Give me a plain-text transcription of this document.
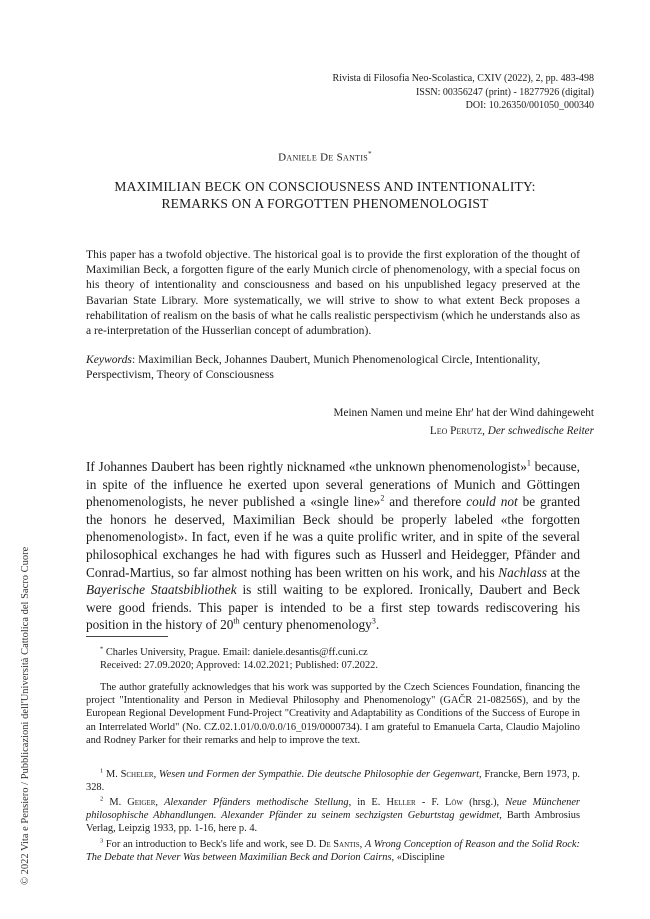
© 2022 Vita e Pensiero / Pubblicazioni dell'Università Cattolica del Sacro Cuore
Rivista di Filosofia Neo-Scolastica, CXIV (2022), 2, pp. 483-498
ISSN: 00356247 (print) - 18277926 (digital)
DOI: 10.26350/001050_000340
Daniele De Santis*
MAXIMILIAN BECK ON CONSCIOUSNESS AND INTENTIONALITY:
REMARKS ON A FORGOTTEN PHENOMENOLOGIST

This paper has a twofold objective. The historical goal is to provide the first exploration of the thought of Maximilian Beck, a forgotten figure of the early Munich circle of phenomenology, with a special focus on his theory of intentionality and consciousness and based on his unpublished legacy preserved at the Bavarian State Library. More systematically, we will strive to show to what extent Beck proposes a rehabilitation of realism on the basis of what he calls realistic perspectivism (which he understands also as a re-interpretation of the Husserlian concept of adumbration).

Keywords: Maximilian Beck, Johannes Daubert, Munich Phenomenological Circle, Intentionality, Perspectivism, Theory of Consciousness

Meinen Namen und meine Ehr' hat der Wind dahingeweht
Leo Perutz, Der schwedische Reiter

If Johannes Daubert has been rightly nicknamed «the unknown phenomenologist»$^1$ because, in spite of the influence he exerted upon several generations of Munich and Göttingen phenomenologists, he never published a «single line»$^2$ and therefore could not be granted the honors he deserved, Maximilian Beck should be properly labeled «the forgotten phenomenologist». In fact, even if he was a quite prolific writer, and in spite of the several philosophical exchanges he had with figures such as Husserl and Heidegger, Pfänder and Conrad-Martius, so far almost nothing has been written on his work, and his Nachlass at the Bayerische Staatsbibliothek is still waiting to be explored. Ironically, Daubert and Beck were good friends. This paper is intended to be a first step towards rediscovering his position in the history of 20th century phenomenology$^3$.

* Charles University, Prague. Email: daniele.desantis@ff.cuni.cz

Received: 27.09.2020; Approved: 14.02.2021; Published: 07.2022.

The author gratefully acknowledges that his work was supported by the Czech Sciences Foundation, financing the project "Intentionality and Person in Medieval Philosophy and Phenomenology" (GAČR 21-08256S), and by the European Regional Development Fund-Project "Creativity and Adaptability as Conditions of the Success of Europe in an Interrelated World" (No. CZ.02.1.01/0.0/0.0/16_019/0000734). I am grateful to Emanuela Carta, Claudio Majolino and Rodney Parker for their remarks and help to improve the text.

$^1$ M. Scheler, Wesen und Formen der Sympathie. Die deutsche Philosophie der Gegenwart, Francke, Bern 1973, p. 328.

$^2$ M. Geiger, Alexander Pfänders methodische Stellung, in E. Heller - F. Löw (hrsg.), Neue Münchener philosophische Abhandlungen. Alexander Pfänder zu seinem sechzigsten Geburtstag gewidmet, Barth Ambrosius Verlag, Leipzig 1933, pp. 1-16, here p. 4.

$^3$ For an introduction to Beck's life and work, see D. De Santis, A Wrong Conception of Reason and the Solid Rock: The Debate that Never Was between Maximilian Beck and Dorion Cairns, «Discipline
